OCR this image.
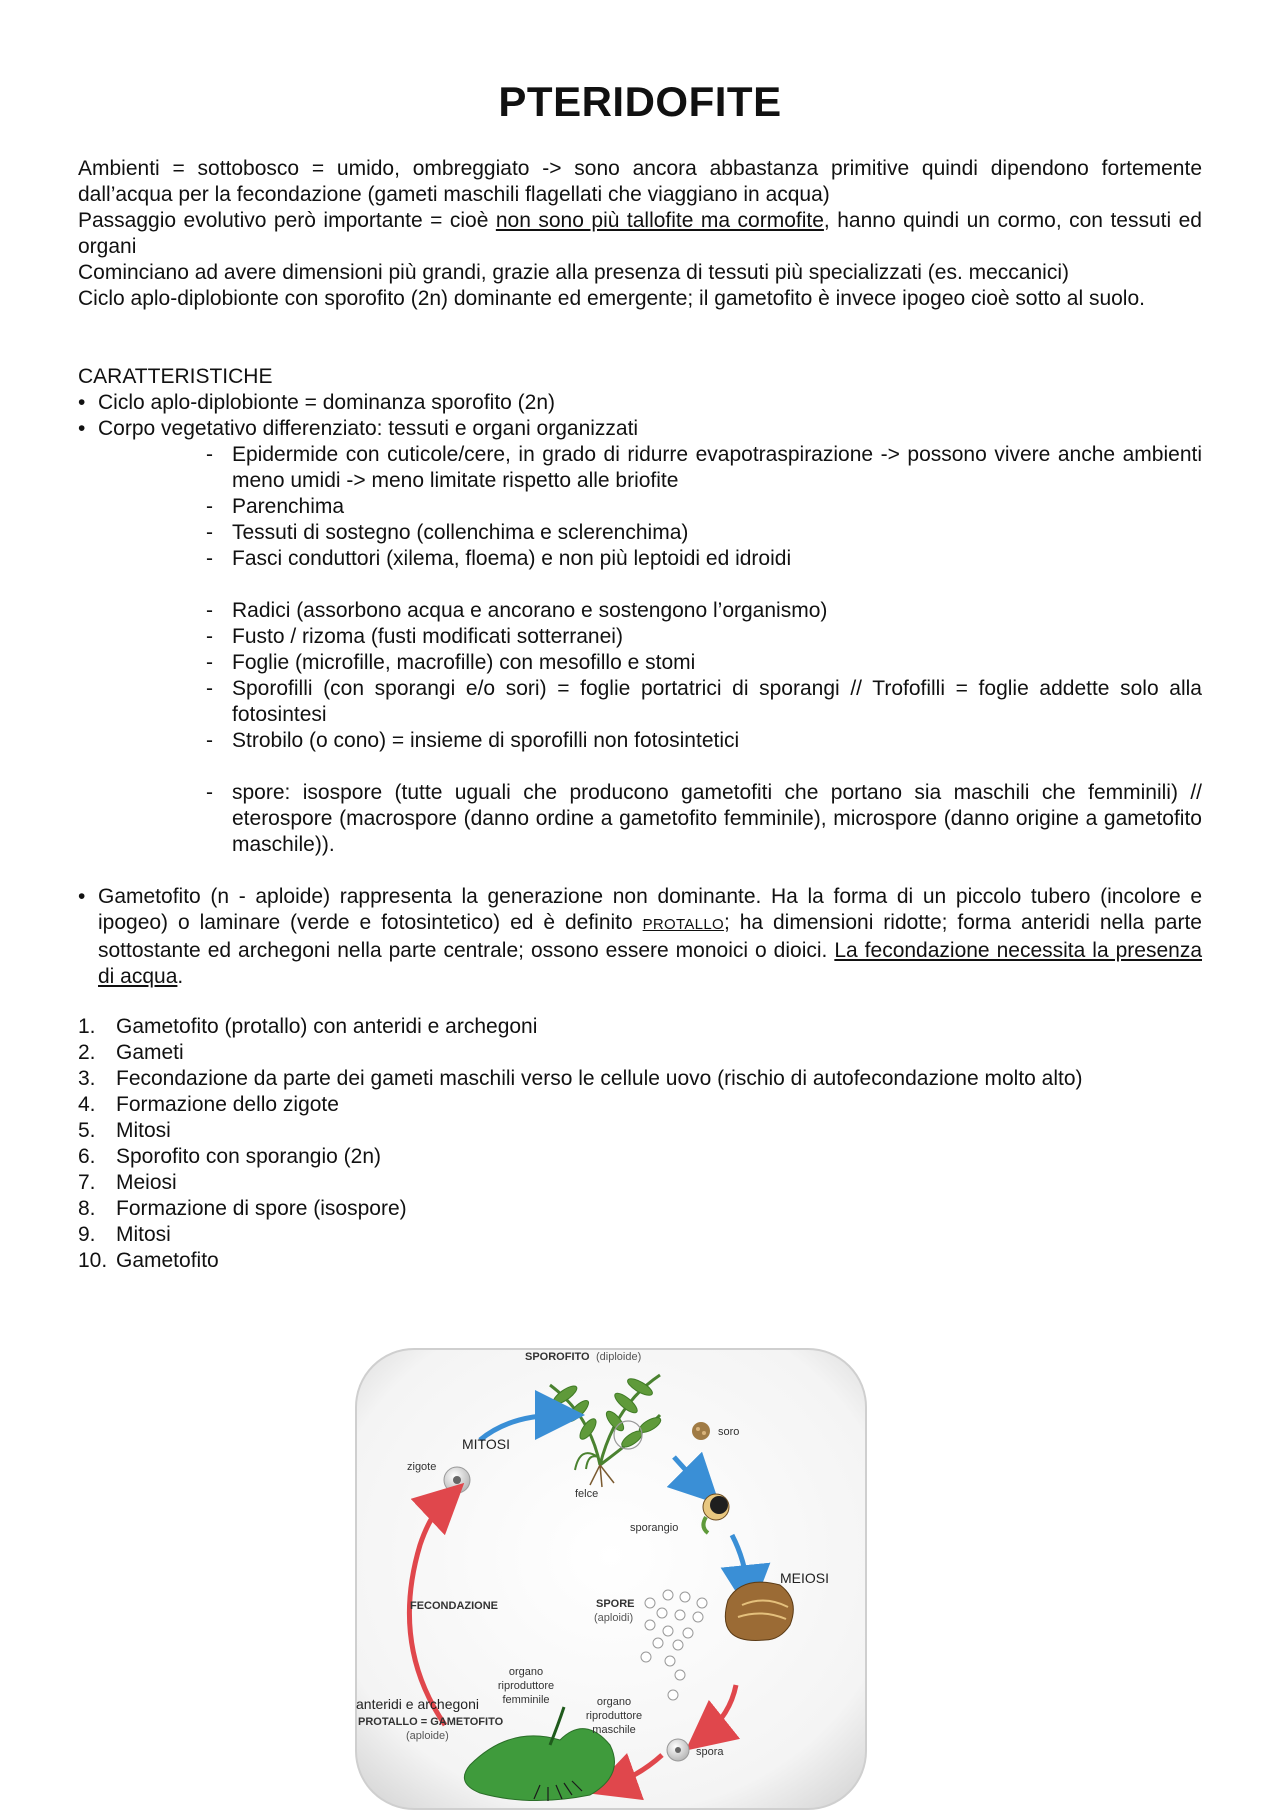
PTERIDOFITE

Ambienti = sottobosco = umido, ombreggiato -> sono ancora abbastanza primitive quindi dipendono fortemente dall’acqua per la fecondazione (gameti maschili flagellati che viaggiano in acqua)

Passaggio evolutivo però importante = cioè non sono più tallofite ma cormofite, hanno quindi un cormo, con tessuti ed organi

Cominciano ad avere dimensioni più grandi, grazie alla presenza di tessuti più specializzati (es. meccanici)

Ciclo aplo-diplobionte con sporofito (2n) dominante ed emergente; il gametofito è invece ipogeo cioè sotto al suolo.

CARATTERISTICHE

• Ciclo aplo-diplobionte = dominanza sporofito (2n)
• Corpo vegetativo differenziato: tessuti e organi organizzati
- Epidermide con cuticole/cere, in grado di ridurre evapotraspirazione -> possono vivere anche ambienti meno umidi -> meno limitate rispetto alle briofite
- Parenchima
- Tessuti di sostegno (collenchima e sclerenchima)
- Fasci conduttori (xilema, floema) e non più leptoidi ed idroidi
- Radici (assorbono acqua e ancorano e sostengono l’organismo)
- Fusto / rizoma (fusti modificati sotterranei)
- Foglie (microfille, macrofille) con mesofillo e stomi
- Sporofilli (con sporangi e/o sori) = foglie portatrici di sporangi // Trofofilli = foglie addette solo alla fotosintesi
- Strobilo (o cono) = insieme di sporofilli non fotosintetici
- spore: isospore (tutte uguali che producono gametofiti che portano sia maschili che femminili) // eterospore (macrospore (danno ordine a gametofito femminile), microspore (danno origine a gametofito maschile)).
• Gametofito (n - aploide) rappresenta la generazione non dominante. Ha la forma di un piccolo tubero (incolore e ipogeo) o laminare (verde e fotosintetico) ed è definito PROTALLO; ha dimensioni ridotte; forma anteridi nella parte sottostante ed archegoni nella parte centrale; ossono essere monoici o dioici. La fecondazione necessita la presenza di acqua.
1. Gametofito (protallo) con anteridi e archegoni
2. Gameti
3. Fecondazione da parte dei gameti maschili verso le cellule uovo (rischio di autofecondazione molto alto)
4. Formazione dello zigote
5. Mitosi
6. Sporofito con sporangio (2n)
7. Meiosi
8. Formazione di spore (isospore)
9. Mitosi
10. Gametofito
SPOROFITO (diploide)
soro
felce
MITOSI
zigote
sporangio
MEIOSI
SPORE
(aploidi)
spora
organo
riproduttore
femminile	organo
riproduttore
maschile
FECONDAZIONE
anteridi e archegoni
PROTALLO = GAMETOFITO
(aploide)
